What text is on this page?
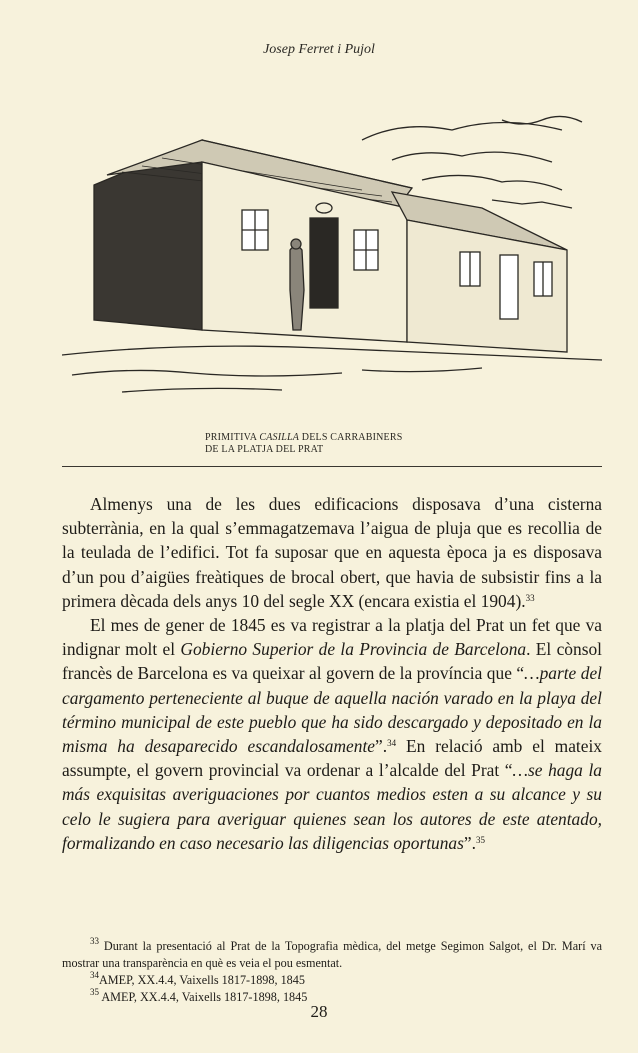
Josep Ferret i Pujol
PRIMITIVA CASILLA DELS CARRABINERS
DE LA PLATJA DEL PRAT

Almenys una de les dues edificacions disposava d’una cisterna subterrània, en la qual s’emmagatzemava l’aigua de pluja que es recollia de la teulada de l’edifici. Tot fa suposar que en aquesta època ja es disposava d’un pou d’aigües freàtiques de brocal obert, que havia de subsistir fins a la primera dècada dels anys 10 del segle XX (encara existia el 1904).$^{33}$

El mes de gener de 1845 es va registrar a la platja del Prat un fet que va indignar molt el Gobierno Superior de la Provincia de Barcelona. El cònsol francès de Barcelona es va queixar al govern de la província que “…parte del cargamento perteneciente al buque de aquella nación varado en la playa del término municipal de este pueblo que ha sido descargado y depositado en la misma ha desaparecido escandalosamente”.$^{34}$ En relació amb el mateix assumpte, el govern provincial va ordenar a l’alcalde del Prat “…se haga la más exquisitas averiguaciones por cuantos medios esten a su alcance y su celo le sugiera para averiguar quienes sean los autores de este atentado, formalizando en caso necesario las diligencias oportunas”.$^{35}$

$^{33}$ Durant la presentació al Prat de la Topografia mèdica, del metge Segimon Salgot, el Dr. Marí va mostrar una transparència en què es veia el pou esmentat.

$^{34}$AMEP, XX.4.4, Vaixells 1817-1898, 1845

$^{35}$ AMEP, XX.4.4, Vaixells 1817-1898, 1845

28
